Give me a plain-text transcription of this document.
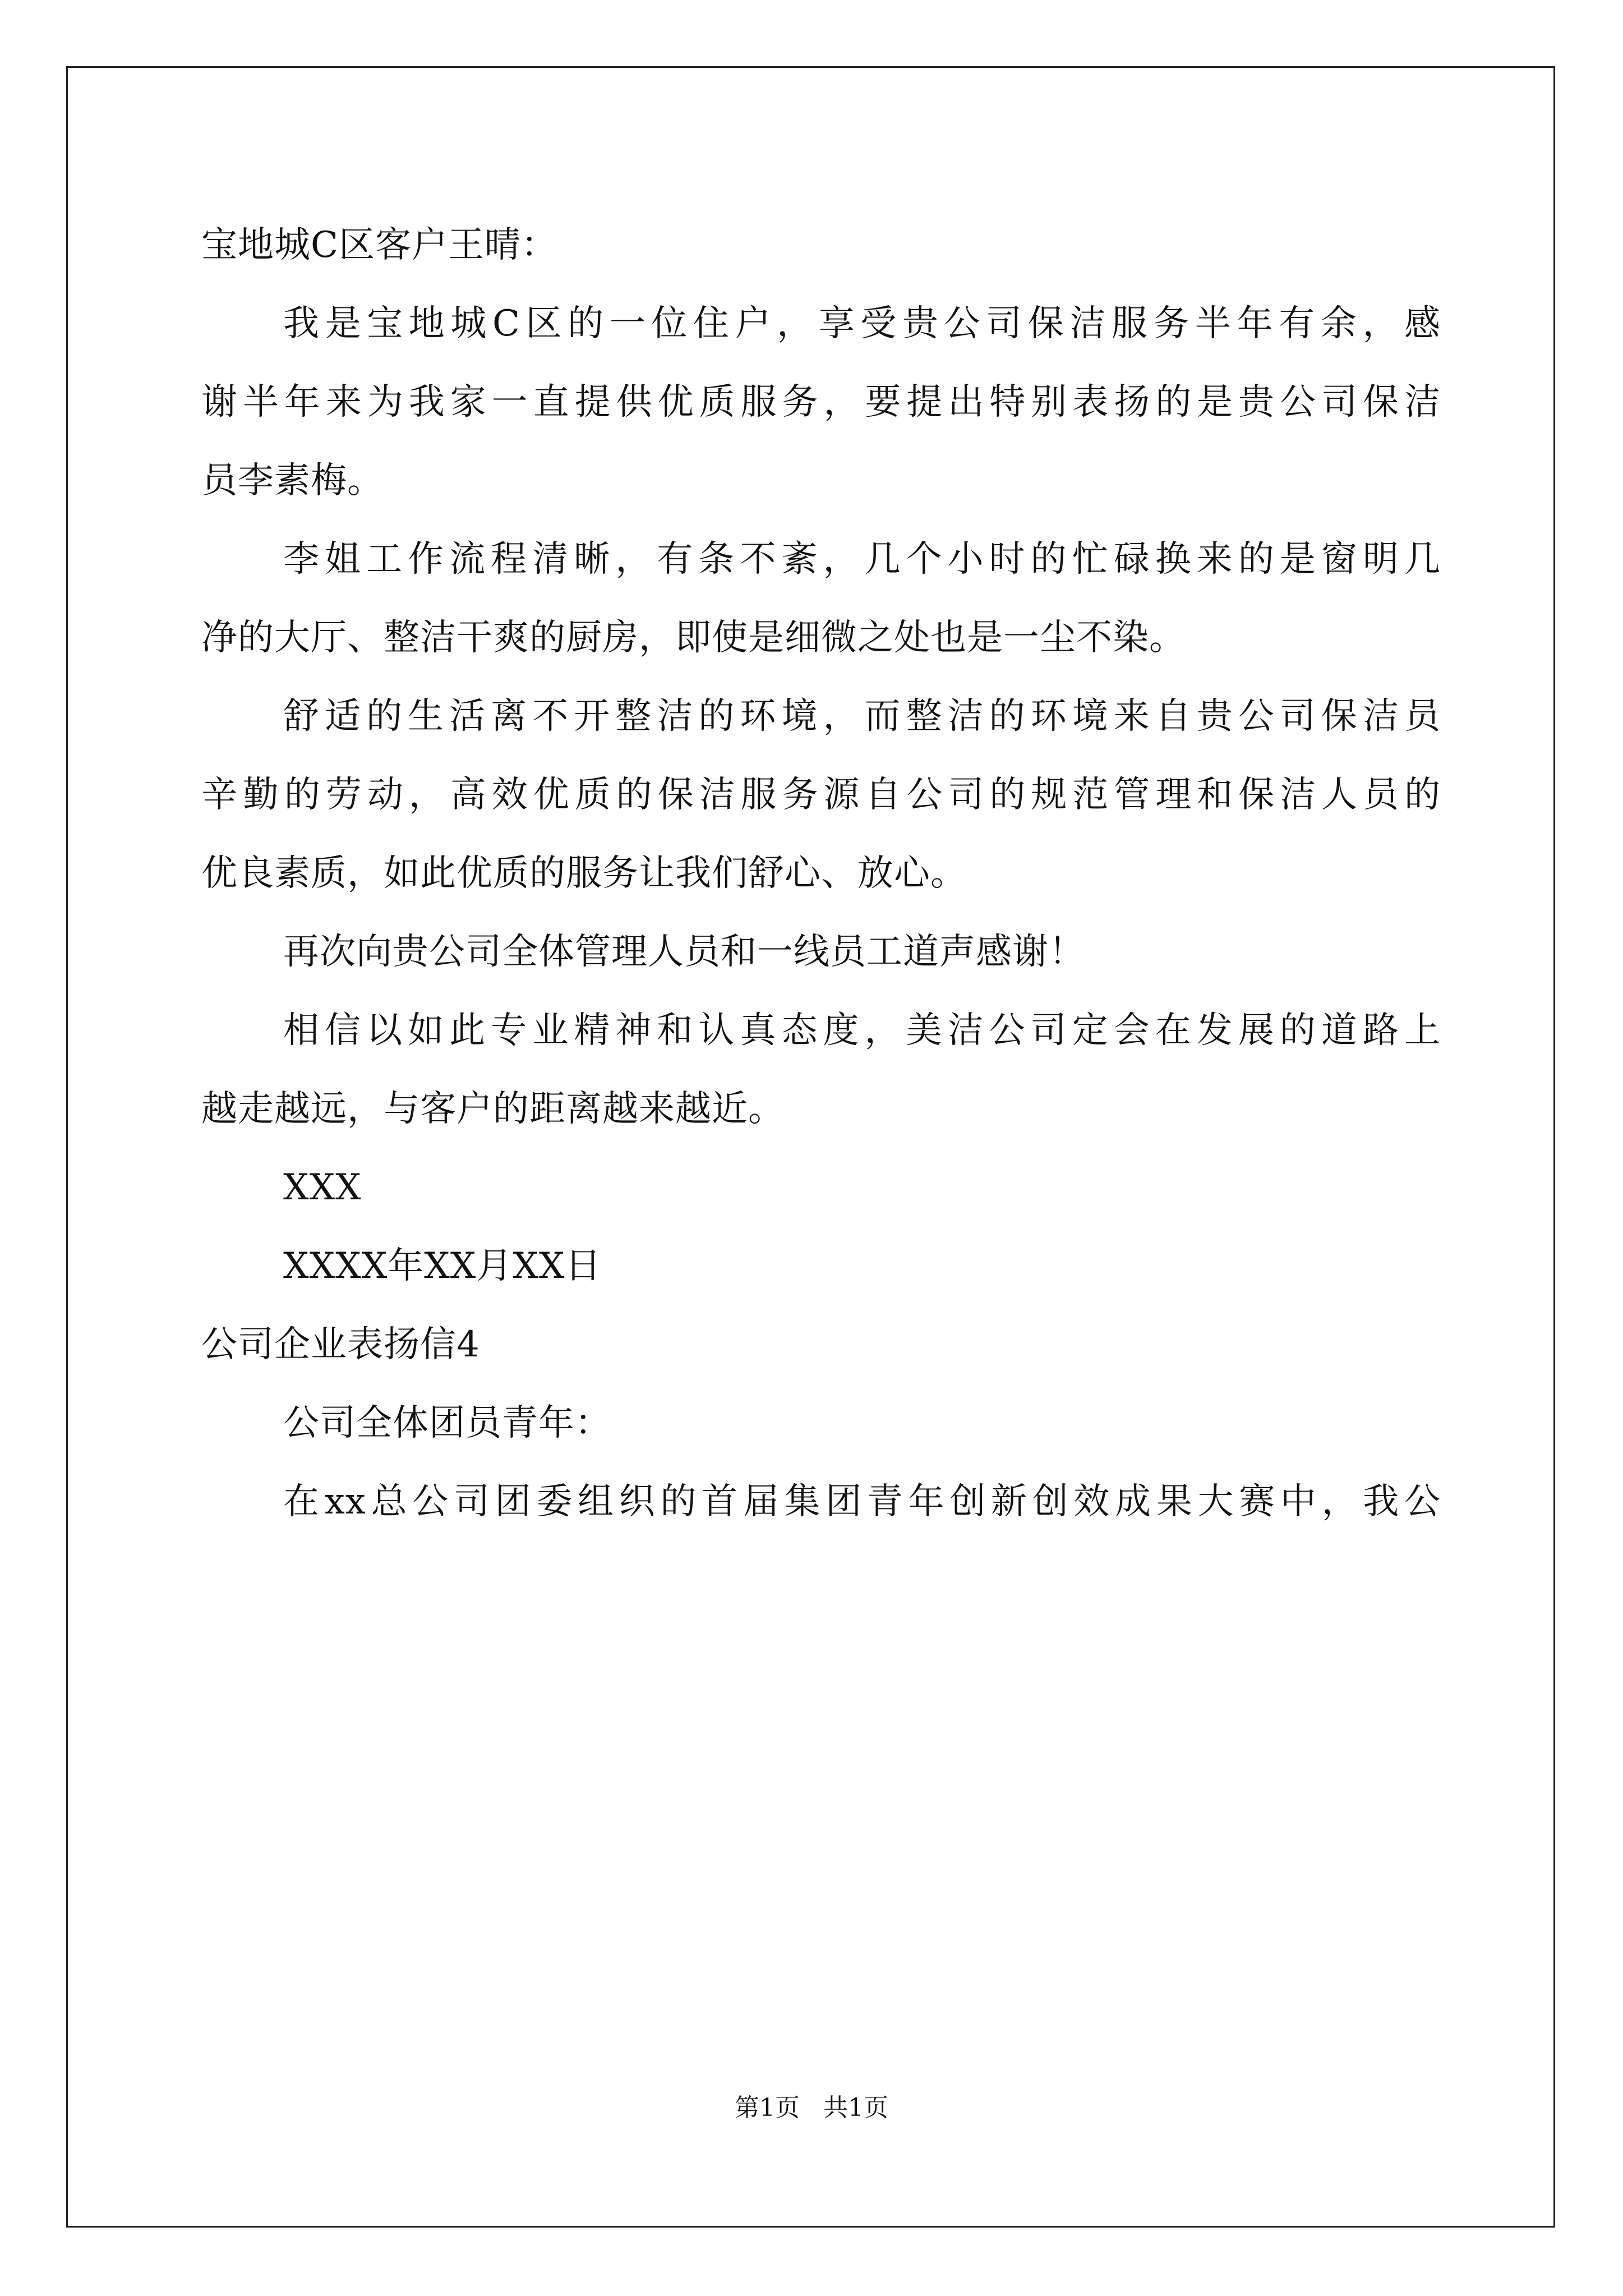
宝地城C区客户王晴：
我是宝地城C区的一位住户，享受贵公司保洁服务半年有余，感
谢半年来为我家一直提供优质服务，要提出特别表扬的是贵公司保洁
员李素梅。
李姐工作流程清晰，有条不紊，几个小时的忙碌换来的是窗明几
净的大厅、整洁干爽的厨房，即使是细微之处也是一尘不染。
舒适的生活离不开整洁的环境，而整洁的环境来自贵公司保洁员
辛勤的劳动，高效优质的保洁服务源自公司的规范管理和保洁人员的
优良素质，如此优质的服务让我们舒心、放心。
再次向贵公司全体管理人员和一线员工道声感谢！
相信以如此专业精神和认真态度，美洁公司定会在发展的道路上
越走越远，与客户的距离越来越近。
XXX
XXXX年XX月XX日
公司企业表扬信4
公司全体团员青年：
在xx总公司团委组织的首届集团青年创新创效成果大赛中，我公
第1页 共1页
